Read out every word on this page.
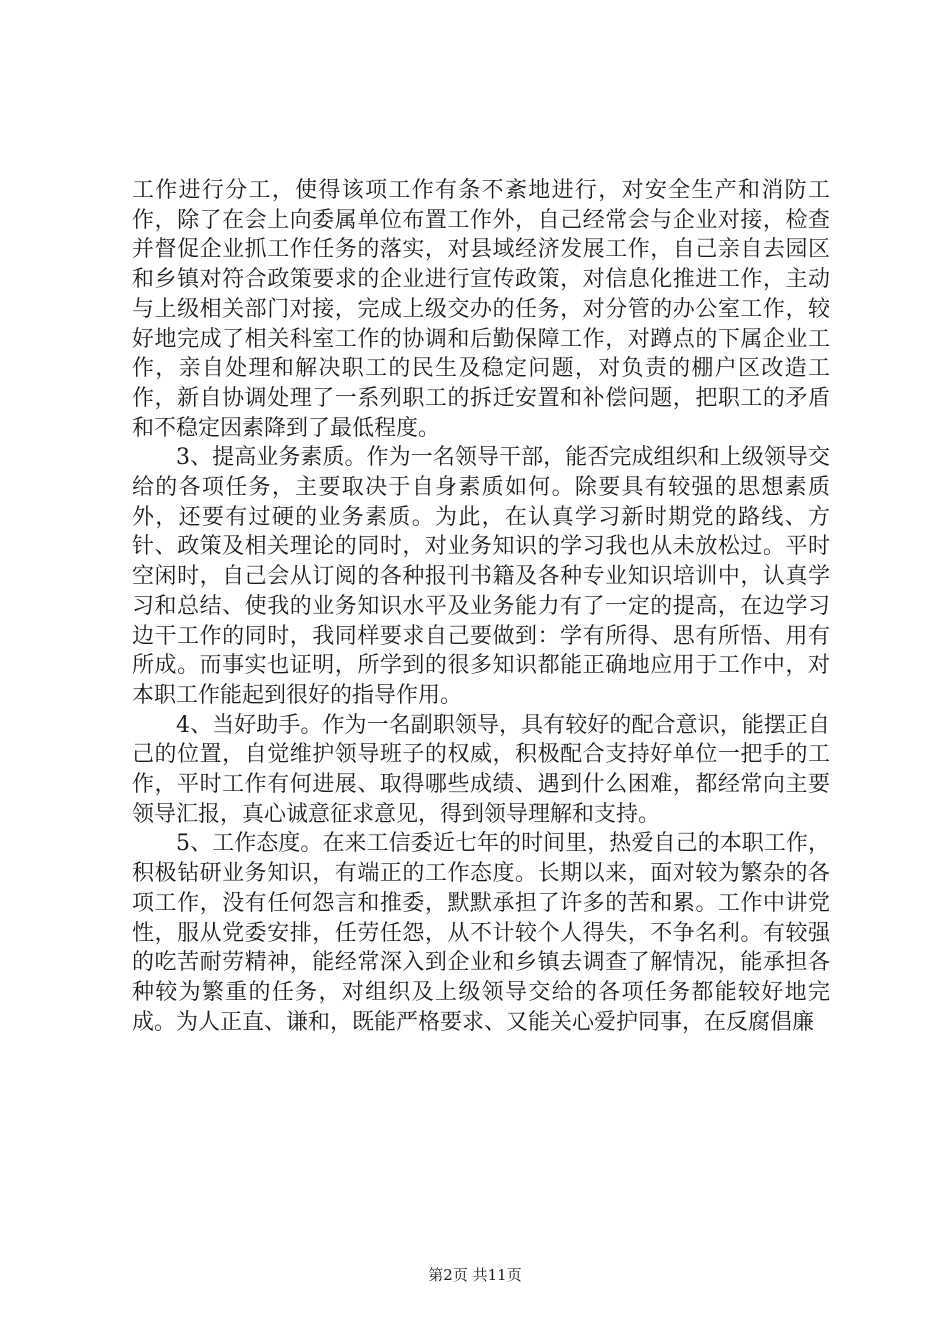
工作进行分工，使得该项工作有条不紊地进行，对安全生产和消防工作，除了在会上向委属单位布置工作外，自己经常会与企业对接，检查并督促企业抓工作任务的落实，对县域经济发展工作，自己亲自去园区和乡镇对符合政策要求的企业进行宣传政策，对信息化推进工作，主动与上级相关部门对接，完成上级交办的任务，对分管的办公室工作，较好地完成了相关科室工作的协调和后勤保障工作，对蹲点的下属企业工作，亲自处理和解决职工的民生及稳定问题，对负责的棚户区改造工作，新自协调处理了一系列职工的拆迁安置和补偿问题，把职工的矛盾和不稳定因素降到了最低程度。

3、提高业务素质。作为一名领导干部，能否完成组织和上级领导交给的各项任务，主要取决于自身素质如何。除要具有较强的思想素质外，还要有过硬的业务素质。为此，在认真学习新时期党的路线、方针、政策及相关理论的同时，对业务知识的学习我也从未放松过。平时空闲时，自己会从订阅的各种报刊书籍及各种专业知识培训中，认真学习和总结、使我的业务知识水平及业务能力有了一定的提高，在边学习边干工作的同时，我同样要求自己要做到：学有所得、思有所悟、用有所成。而事实也证明，所学到的很多知识都能正确地应用于工作中，对本职工作能起到很好的指导作用。

4、当好助手。作为一名副职领导，具有较好的配合意识，能摆正自己的位置，自觉维护领导班子的权威，积极配合支持好单位一把手的工作，平时工作有何进展、取得哪些成绩、遇到什么困难，都经常向主要领导汇报，真心诚意征求意见，得到领导理解和支持。

5、工作态度。在来工信委近七年的时间里，热爱自己的本职工作，积极钻研业务知识，有端正的工作态度。长期以来，面对较为繁杂的各项工作，没有任何怨言和推委，默默承担了许多的苦和累。工作中讲党性，服从党委安排，任劳任怨，从不计较个人得失，不争名利。有较强的吃苦耐劳精神，能经常深入到企业和乡镇去调查了解情况，能承担各种较为繁重的任务，对组织及上级领导交给的各项任务都能较好地完成。为人正直、谦和，既能严格要求、又能关心爱护同事，在反腐倡廉

第2页 共11页
